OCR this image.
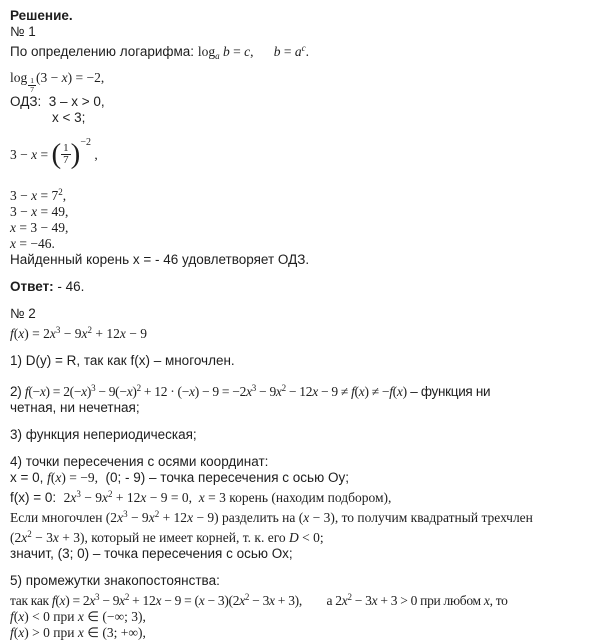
Решение.
№ 1
По определению логарифма: $\log_a b = c$,      $b = a^c$.
$\log \frac{1}{7} (3 - x) = -2$,
ОДЗ:  3 – x > 0,
x < 3;
3 − x = ( $\frac{1}{7}$ ) −2
,
$3 - x = 7^2$,
3 − x = 49,
x = 3 − 49,
x = −46.
Найденный корень x = - 46 удовлетворяет ОДЗ.
Ответ: - 46.
№ 2
$f(x) = 2x^3 - 9x^2 + 12x - 9$
1) D(y) = R, так как f(x) – многочлен.
2) $f(-x) = 2(-x)^3 - 9(-x)^2 + 12 \cdot (-x) - 9 = -2x^3 - 9x^2 - 12x - 9 \ne f(x) \ne -f(x)$ – функция ни
четная, ни нечетная;
3) функция непериодическая;
4) точки пересечения с осями координат:
x = 0, f(x) = −9,  (0; - 9) – точка пересечения с осью Оу;
f(x) = 0:  $2x^3 - 9x^2 + 12x - 9 = 0$,  x = 3 корень (находим подбором),
Если многочлен $(2x^3 - 9x^2 + 12x - 9)$ разделить на (x − 3), то получим квадратный трехчлен
$(2x^2 - 3x + 3)$, который не имеет корней, т. к. его D < 0;
значит, (3; 0) – точка пересечения с осью Ох;
5) промежутки знакопостоянства:
так как $f(x) = 2x^3 - 9x^2 + 12x - 9 = (x - 3)(2x^2 - 3x + 3)$,        а $2x^2 - 3x + 3 > 0$ при любом x, то
f(x) < 0 при x ∈ (−∞; 3),
f(x) > 0 при x ∈ (3; +∞),
